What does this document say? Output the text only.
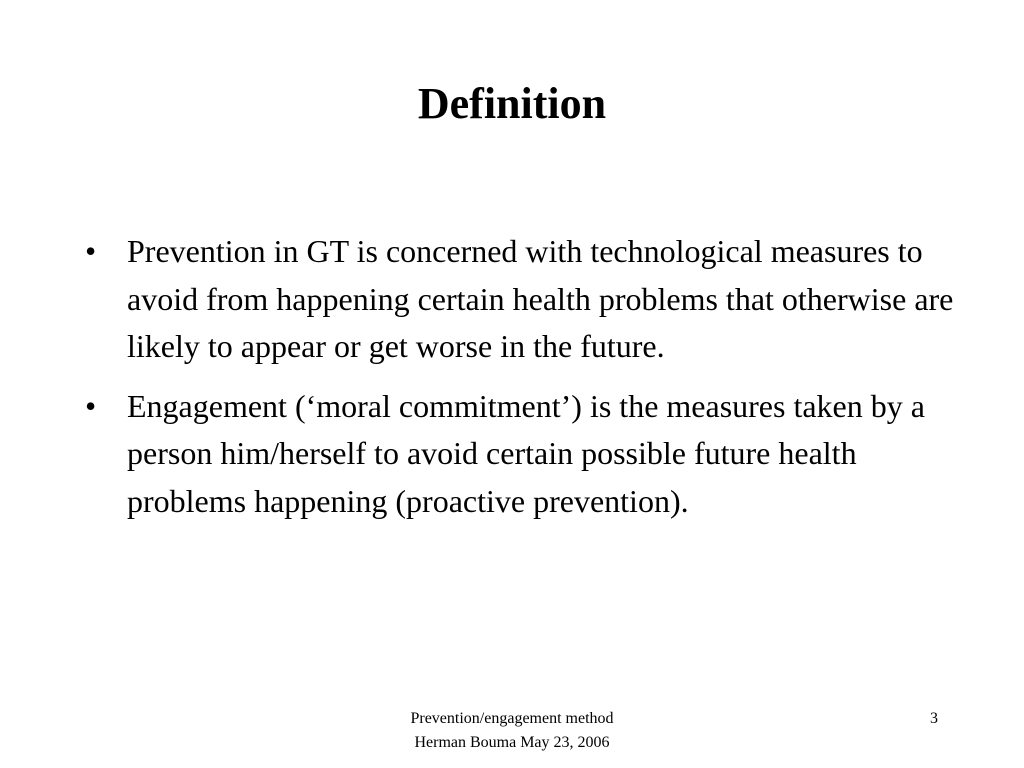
Definition
• Prevention in GT is concerned with technological measures to avoid from happening certain health problems that otherwise are likely to appear or get worse in the future.
• Engagement (‘moral commitment’) is the measures taken by a person him/herself to avoid certain possible future health problems happening (proactive prevention).
Prevention/engagement method
Herman Bouma May 23, 2006
3
